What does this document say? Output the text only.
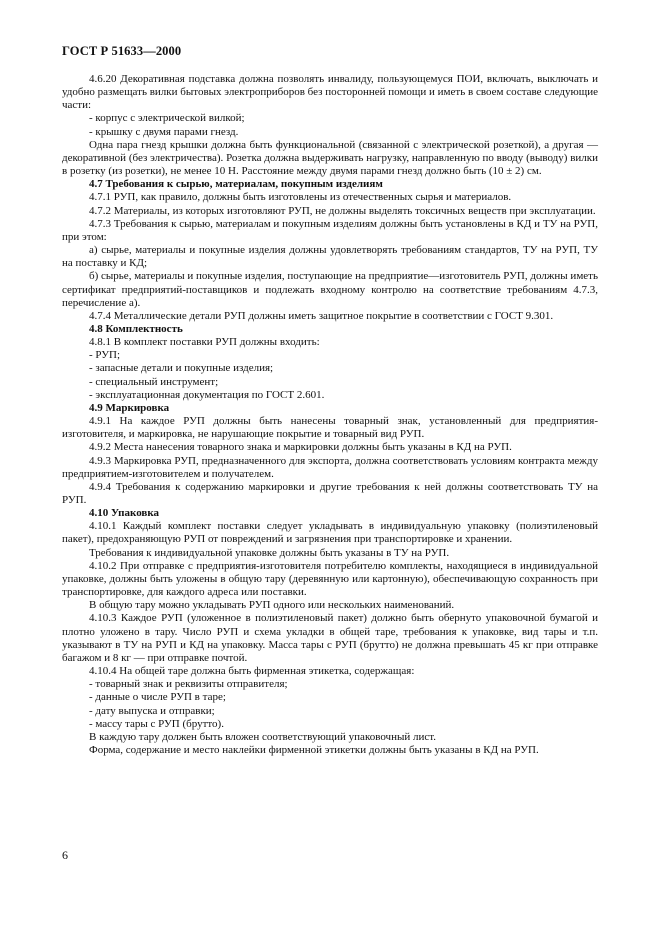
ГОСТ Р 51633—2000

4.6.20 Декоративная подставка должна позволять инвалиду, пользующемуся ПОИ, включать, выключать и удобно размещать вилки бытовых электроприборов без посторонней помощи и иметь в своем составе следующие части:

- корпус с электрической вилкой;

- крышку с двумя парами гнезд.

Одна пара гнезд крышки должна быть функциональной (связанной с электрической розеткой), а другая — декоративной (без электричества). Розетка должна выдерживать нагрузку, направленную по вводу (выводу) вилки в розетку (из розетки), не менее 10 Н. Расстояние между двумя парами гнезд должно быть (10 ± 2) см.

4.7 Требования к сырью, материалам, покупным изделиям

4.7.1 РУП, как правило, должны быть изготовлены из отечественных сырья и материалов.

4.7.2 Материалы, из которых изготовляют РУП, не должны выделять токсичных веществ при эксплуатации.

4.7.3 Требования к сырью, материалам и покупным изделиям должны быть установлены в КД и ТУ на РУП, при этом:

а) сырье, материалы и покупные изделия должны удовлетворять требованиям стандартов, ТУ на РУП, ТУ на поставку и КД;

б) сырье, материалы и покупные изделия, поступающие на предприятие—изготовитель РУП, должны иметь сертификат предприятий-поставщиков и подлежать входному контролю на соответствие требованиям 4.7.3, перечисление а).

4.7.4 Металлические детали РУП должны иметь защитное покрытие в соответствии с ГОСТ 9.301.

4.8 Комплектность

4.8.1 В комплект поставки РУП должны входить:

- РУП;

- запасные детали и покупные изделия;

- специальный инструмент;

- эксплуатационная документация по ГОСТ 2.601.

4.9 Маркировка

4.9.1 На каждое РУП должны быть нанесены товарный знак, установленный для предприятия-изготовителя, и маркировка, не нарушающие покрытие и товарный вид РУП.

4.9.2 Места нанесения товарного знака и маркировки должны быть указаны в КД на РУП.

4.9.3 Маркировка РУП, предназначенного для экспорта, должна соответствовать условиям контракта между предприятием-изготовителем и получателем.

4.9.4 Требования к содержанию маркировки и другие требования к ней должны соответствовать ТУ на РУП.

4.10 Упаковка

4.10.1 Каждый комплект поставки следует укладывать в индивидуальную упаковку (полиэтиленовый пакет), предохраняющую РУП от повреждений и загрязнения при транспортировке и хранении.

Требования к индивидуальной упаковке должны быть указаны в ТУ на РУП.

4.10.2 При отправке с предприятия-изготовителя потребителю комплекты, находящиеся в индивидуальной упаковке, должны быть уложены в общую тару (деревянную или картонную), обеспечивающую сохранность при транспортировке, для каждого адреса или поставки.

В общую тару можно укладывать РУП одного или нескольких наименований.

4.10.3 Каждое РУП (уложенное в полиэтиленовый пакет) должно быть обернуто упаковочной бумагой и плотно уложено в тару. Число РУП и схема укладки в общей таре, требования к упаковке, вид тары и т.п. указывают в ТУ на РУП и КД на упаковку. Масса тары с РУП (брутто) не должна превышать 45 кг при отправке багажом и 8 кг — при отправке почтой.

4.10.4 На общей таре должна быть фирменная этикетка, содержащая:

- товарный знак и реквизиты отправителя;

- данные о числе РУП в таре;

- дату выпуска и отправки;

- массу тары с РУП (брутто).

В каждую тару должен быть вложен соответствующий упаковочный лист.

Форма, содержание и место наклейки фирменной этикетки должны быть указаны в КД на РУП.

6
